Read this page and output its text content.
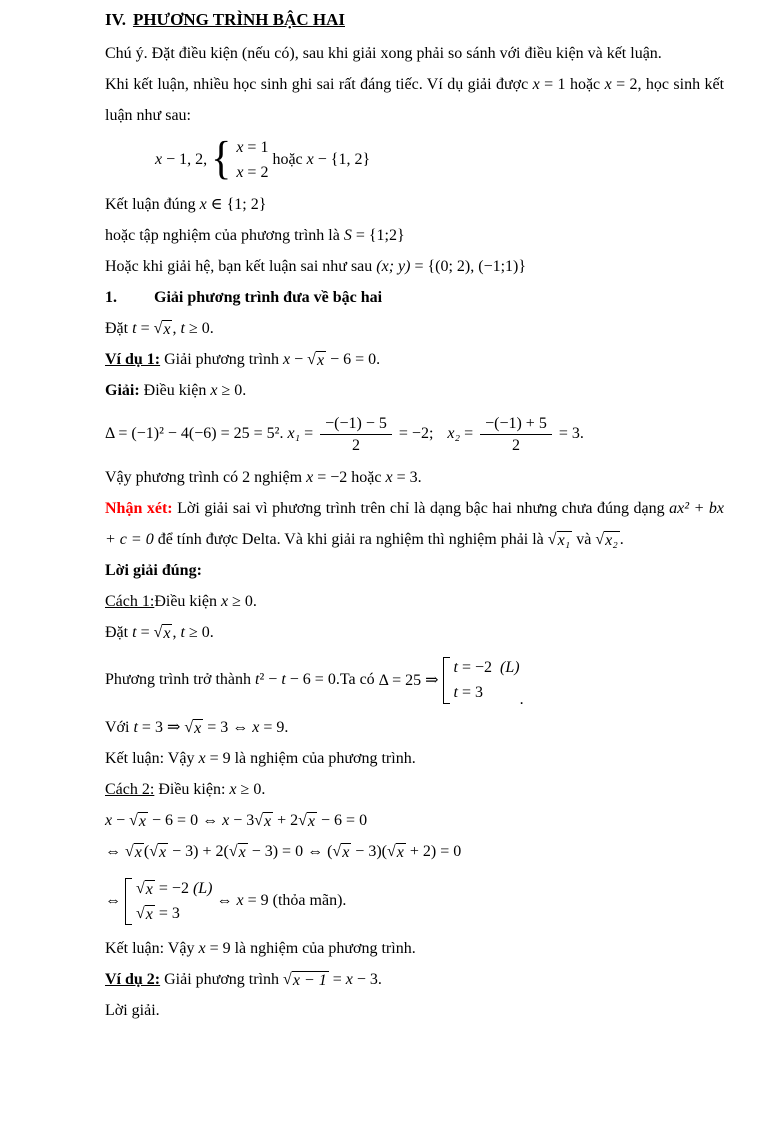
IV. PHƯƠNG TRÌNH BẬC HAI
Chú ý. Đặt điều kiện (nếu có), sau khi giải xong phải so sánh với điều kiện và kết luận.
Khi kết luận, nhiều học sinh ghi sai rất đáng tiếc. Ví dụ giải được x = 1 hoặc x = 2, học sinh kết luận như sau:
x − 1, 2, { x = 1
x = 2
hoặc x − {1, 2}
Kết luận đúng x ∈ {1; 2}
hoặc tập nghiệm của phương trình là S = {1;2}
Hoặc khi giải hệ, bạn kết luận sai như sau (x; y) = {(0; 2), (−1;1)}
1. Giải phương trình đưa về bậc hai
Đặt t = √ x , t ≥ 0.
Ví dụ 1: Giải phương trình x − √ x − 6 = 0.
Giải: Điều kiện x ≥ 0.
Δ = (−1)² − 4(−6) = 25 = 5². $x_1 = \frac{-(-1) - 5}{2} = -2$; $x_2 = \frac{-(-1) + 5}{2} = 3$.
Vậy phương trình có 2 nghiệm x = −2 hoặc x = 3.
Nhận xét: Lời giải sai vì phương trình trên chỉ là dạng bậc hai nhưng chưa đúng dạng ax² + bx + c = 0 để tính được Delta. Và khi giải ra nghiệm thì nghiệm phải là √ x₁ và √ x₂ .
Lời giải đúng:
Cách 1:Điều kiện x ≥ 0.
Đặt t = √ x , t ≥ 0.
Phương trình trở thành t ² − t − 6 = 0. Ta có Δ = 25 ⇒
t = −2  (L)
t = 3	.
Với t = 3 ⇒ √ x = 3 ⇔ x = 9.
Kết luận: Vậy x = 9 là nghiệm của phương trình.
Cách 2: Điều kiện: x ≥ 0.
x − √ x − 6 = 0 ⇔ x − 3 √ x + 2 √ x − 6 = 0
⇔ √ x ( √ x − 3) + 2( √ x − 3) = 0 ⇔ ( √ x − 3)( √ x + 2) = 0
⇔
√ x = −2 (L)
√ x = 3
⇔ x = 9 (thỏa mãn).
Kết luận: Vậy x = 9 là nghiệm của phương trình.
Ví dụ 2: Giải phương trình √ x − 1 = x − 3.
Lời giải.
